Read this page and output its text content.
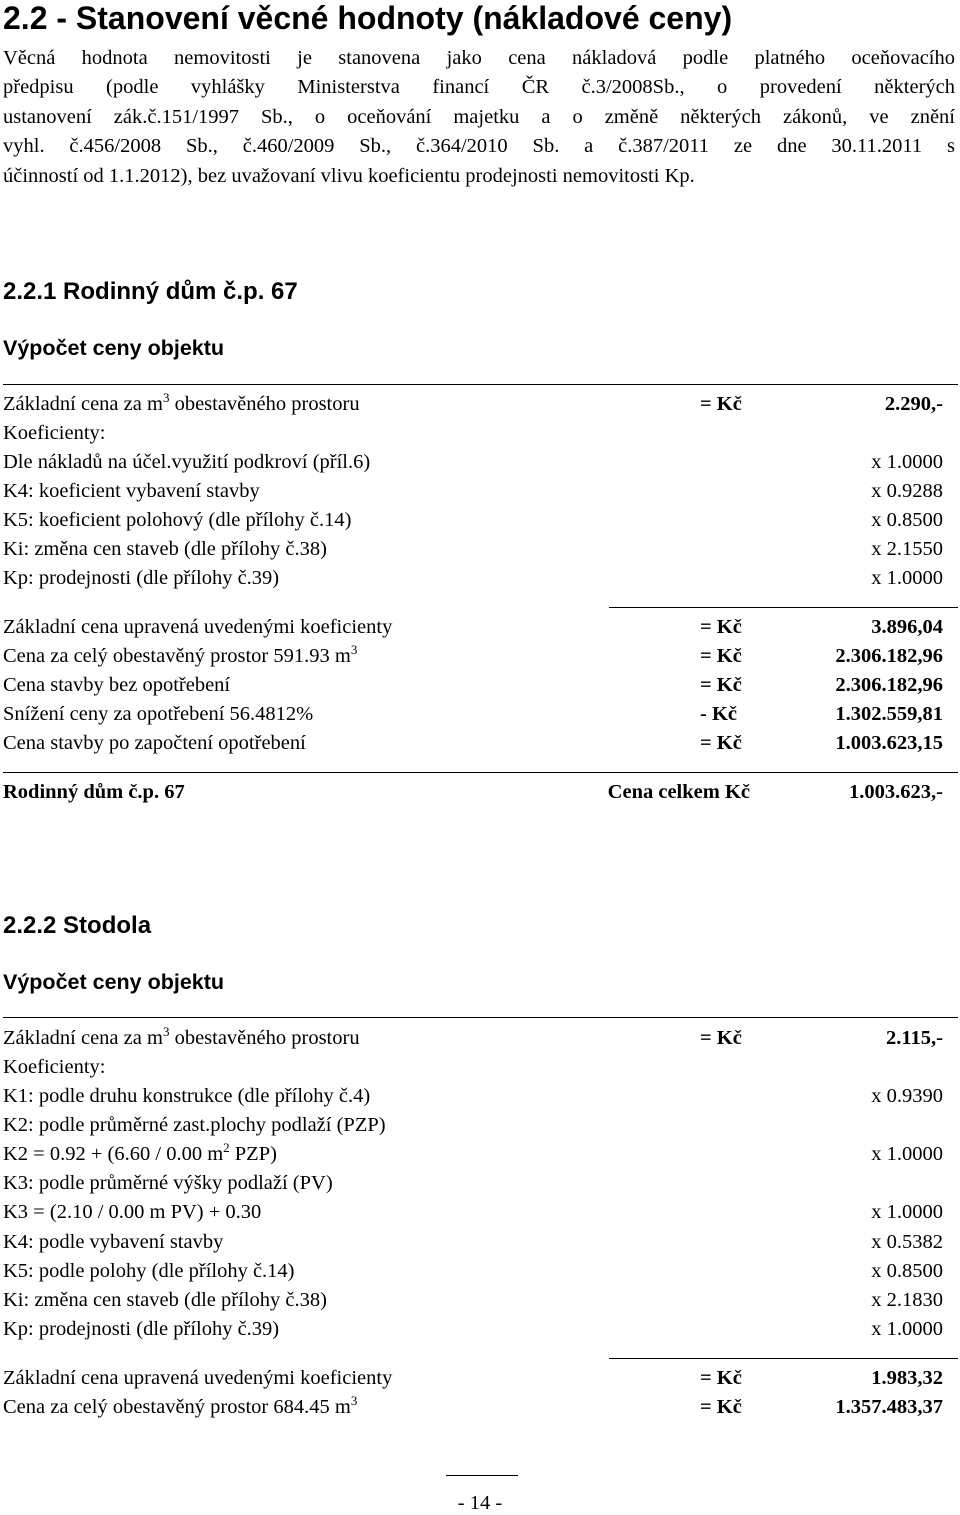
2.2 - Stanovení věcné hodnoty (nákladové ceny)
Věcná hodnota nemovitosti je stanovena jako cena nákladová podle platného oceňovacího
předpisu (podle vyhlášky Ministerstva financí ČR č.3/2008Sb., o provedení některých
ustanovení zák.č.151/1997 Sb., o oceňování majetku a o změně některých zákonů, ve znění
vyhl. č.456/2008 Sb., č.460/2009 Sb., č.364/2010 Sb. a č.387/2011 ze dne 30.11.2011 s
účinností od 1.1.2012), bez uvažovaní vlivu koeficientu prodejnosti nemovitosti Kp.
2.2.1 Rodinný dům č.p. 67
Výpočet ceny objektu
Základní cena za $m^3$ obestavěného prostoru	= Kč	2.290,-
Koeficienty:
Dle nákladů na účel.využití podkroví (příl.6)	x 1.0000
K4: koeficient vybavení stavby	x 0.9288
K5: koeficient polohový (dle přílohy č.14)	x 0.8500
Ki: změna cen staveb (dle přílohy č.38)	x 2.1550
Kp: prodejnosti (dle přílohy č.39)	x 1.0000
Základní cena upravená uvedenými koeficienty	= Kč	3.896,04
Cena za celý obestavěný prostor 591.93 $m^3$	= Kč	2.306.182,96
Cena stavby bez opotřebení	= Kč	2.306.182,96
Snížení ceny za opotřebení 56.4812%	- Kč	1.302.559,81
Cena stavby po započtení opotřebení	= Kč	1.003.623,15
Rodinný dům č.p. 67	Cena celkem Kč	1.003.623,-
2.2.2 Stodola
Výpočet ceny objektu
Základní cena za $m^3$ obestavěného prostoru	= Kč	2.115,-
Koeficienty:
K1: podle druhu konstrukce (dle přílohy č.4)	x 0.9390
K2: podle průměrné zast.plochy podlaží (PZP)
K2 = 0.92 + (6.60 / 0.00 $m^2$ PZP)	x 1.0000
K3: podle průměrné výšky podlaží (PV)
K3 = (2.10 / 0.00 m PV) + 0.30	x 1.0000
K4: podle vybavení stavby	x 0.5382
K5: podle polohy (dle přílohy č.14)	x 0.8500
Ki: změna cen staveb (dle přílohy č.38)	x 2.1830
Kp: prodejnosti (dle přílohy č.39)	x 1.0000
Základní cena upravená uvedenými koeficienty	= Kč	1.983,32
Cena za celý obestavěný prostor 684.45 $m^3$	= Kč	1.357.483,37
- 14 -
